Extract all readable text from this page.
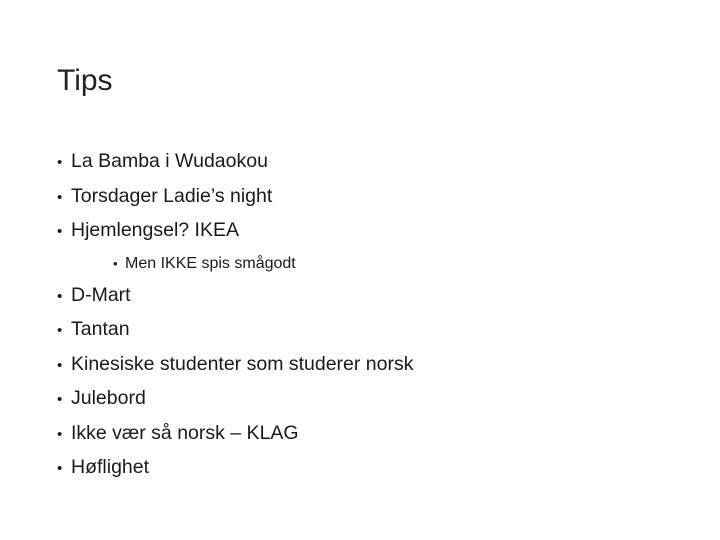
Tips
• La Bamba i Wudaokou
• Torsdager Ladie’s night
• Hjemlengsel? IKEA
• Men IKKE spis smågodt
• D-Mart
• Tantan
• Kinesiske studenter som studerer norsk
• Julebord
• Ikke vær så norsk – KLAG
• Høflighet
